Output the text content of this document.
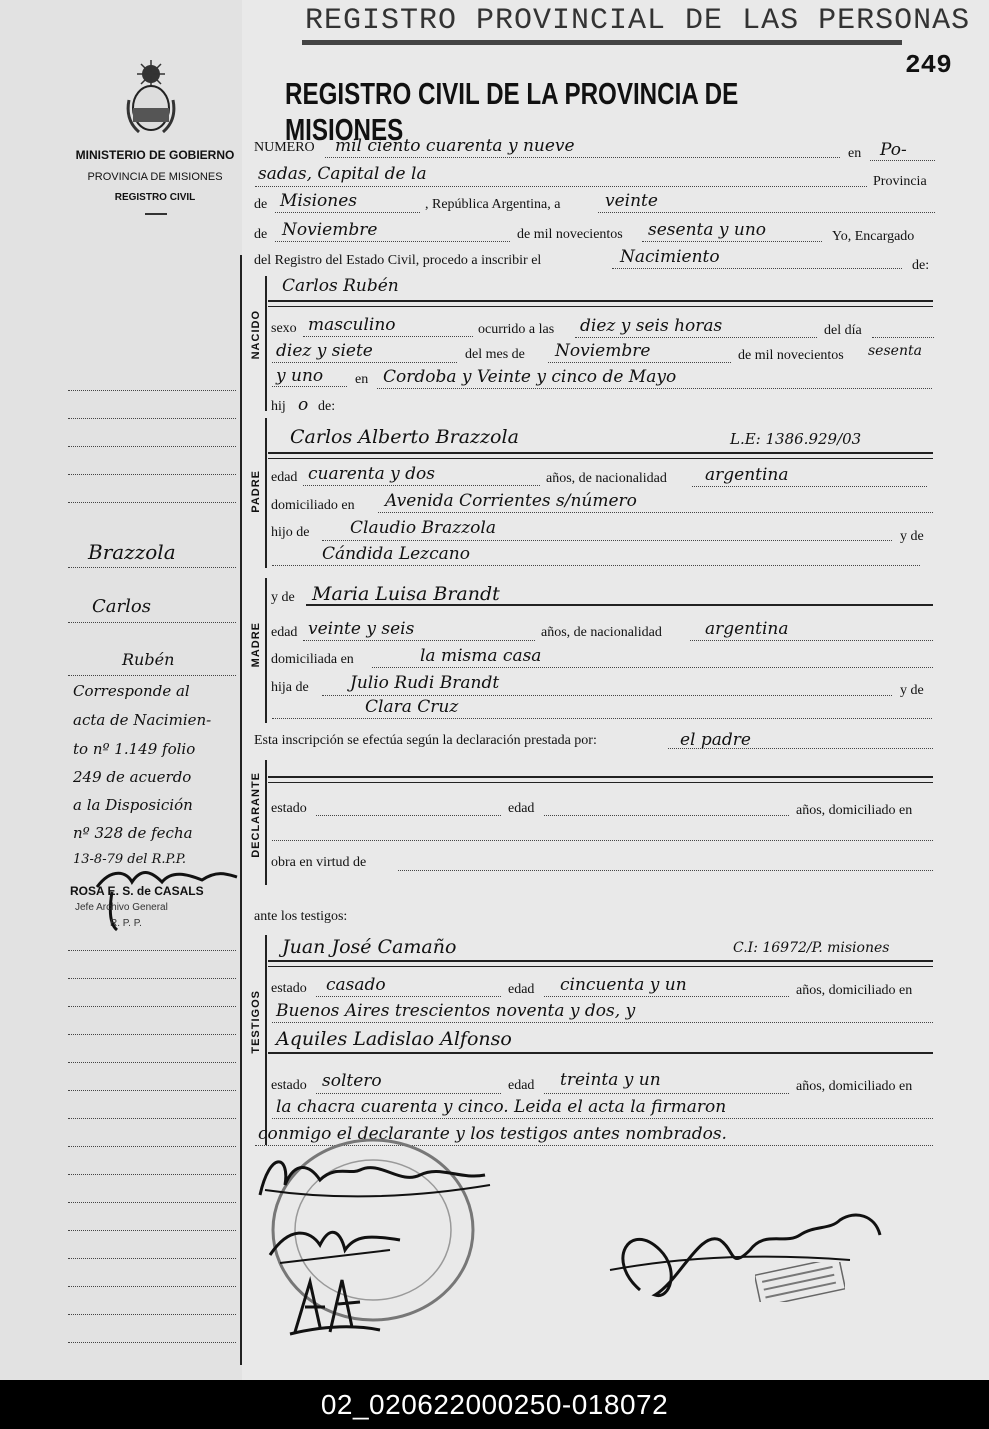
REGISTRO PROVINCIAL DE LAS PERSONAS
249
REGISTRO CIVIL DE LA PROVINCIA DE MISIONES
MINISTERIO DE GOBIERNO
PROVINCIA DE MISIONES
REGISTRO CIVIL
NUMERO mil ciento cuarenta y nueve	en Po-
sadas, Capital de la	Provincia
de Misiones	, República Argentina, a	veinte
de Noviembre	de mil novecientos sesenta y uno	Yo, Encargado
del Registro del Estado Civil, procedo a inscribir el	Nacimiento	de:
NACIDO
Carlos Rubén
sexo masculino	ocurrido a las diez y seis horas	del día
diez y siete	del mes de Noviembre	de mil novecientos sesenta
y uno en Cordoba y Veinte y cinco de Mayo
hij o de:
PADRE
Carlos Alberto Brazzola	L.E: 1386.929/03
edad cuarenta y dos	años, de nacionalidad argentina
domiciliado en Avenida Corrientes s/número
hijo de Claudio Brazzola	y de
Cándida Lezcano
MADRE
y de Maria Luisa Brandt
edad veinte y seis	años, de nacionalidad	argentina
domiciliada en	la misma casa
hija de Julio Rudi Brandt	y de
Clara Cruz
Esta inscripción se efectúa según la declaración prestada por:	el padre
DECLARANTE estado	edad	años, domiciliado en
obra en virtud de
ante los testigos:
TESTIGOS
Juan José Camaño	C.I: 16972/P. misiones
estado casado	edad cincuenta y un	años, domiciliado en
Buenos Aires trescientos noventa y dos, y
Aquiles Ladislao Alfonso
estado soltero	edad treinta y un	años, domiciliado en
la chacra cuarenta y cinco. Leida el acta la firmaron
conmigo el declarante y los testigos antes nombrados.
Brazzola
Carlos
Rubén
Corresponde al
acta de Nacimien-
to nº 1.149 folio
249 de acuerdo
a la Disposición
nº 328 de fecha
13-8-79 del R.P.P.
ROSA E. S. de CASALS
Jefe Archivo General
R. P. P.
02_020622000250-018072
